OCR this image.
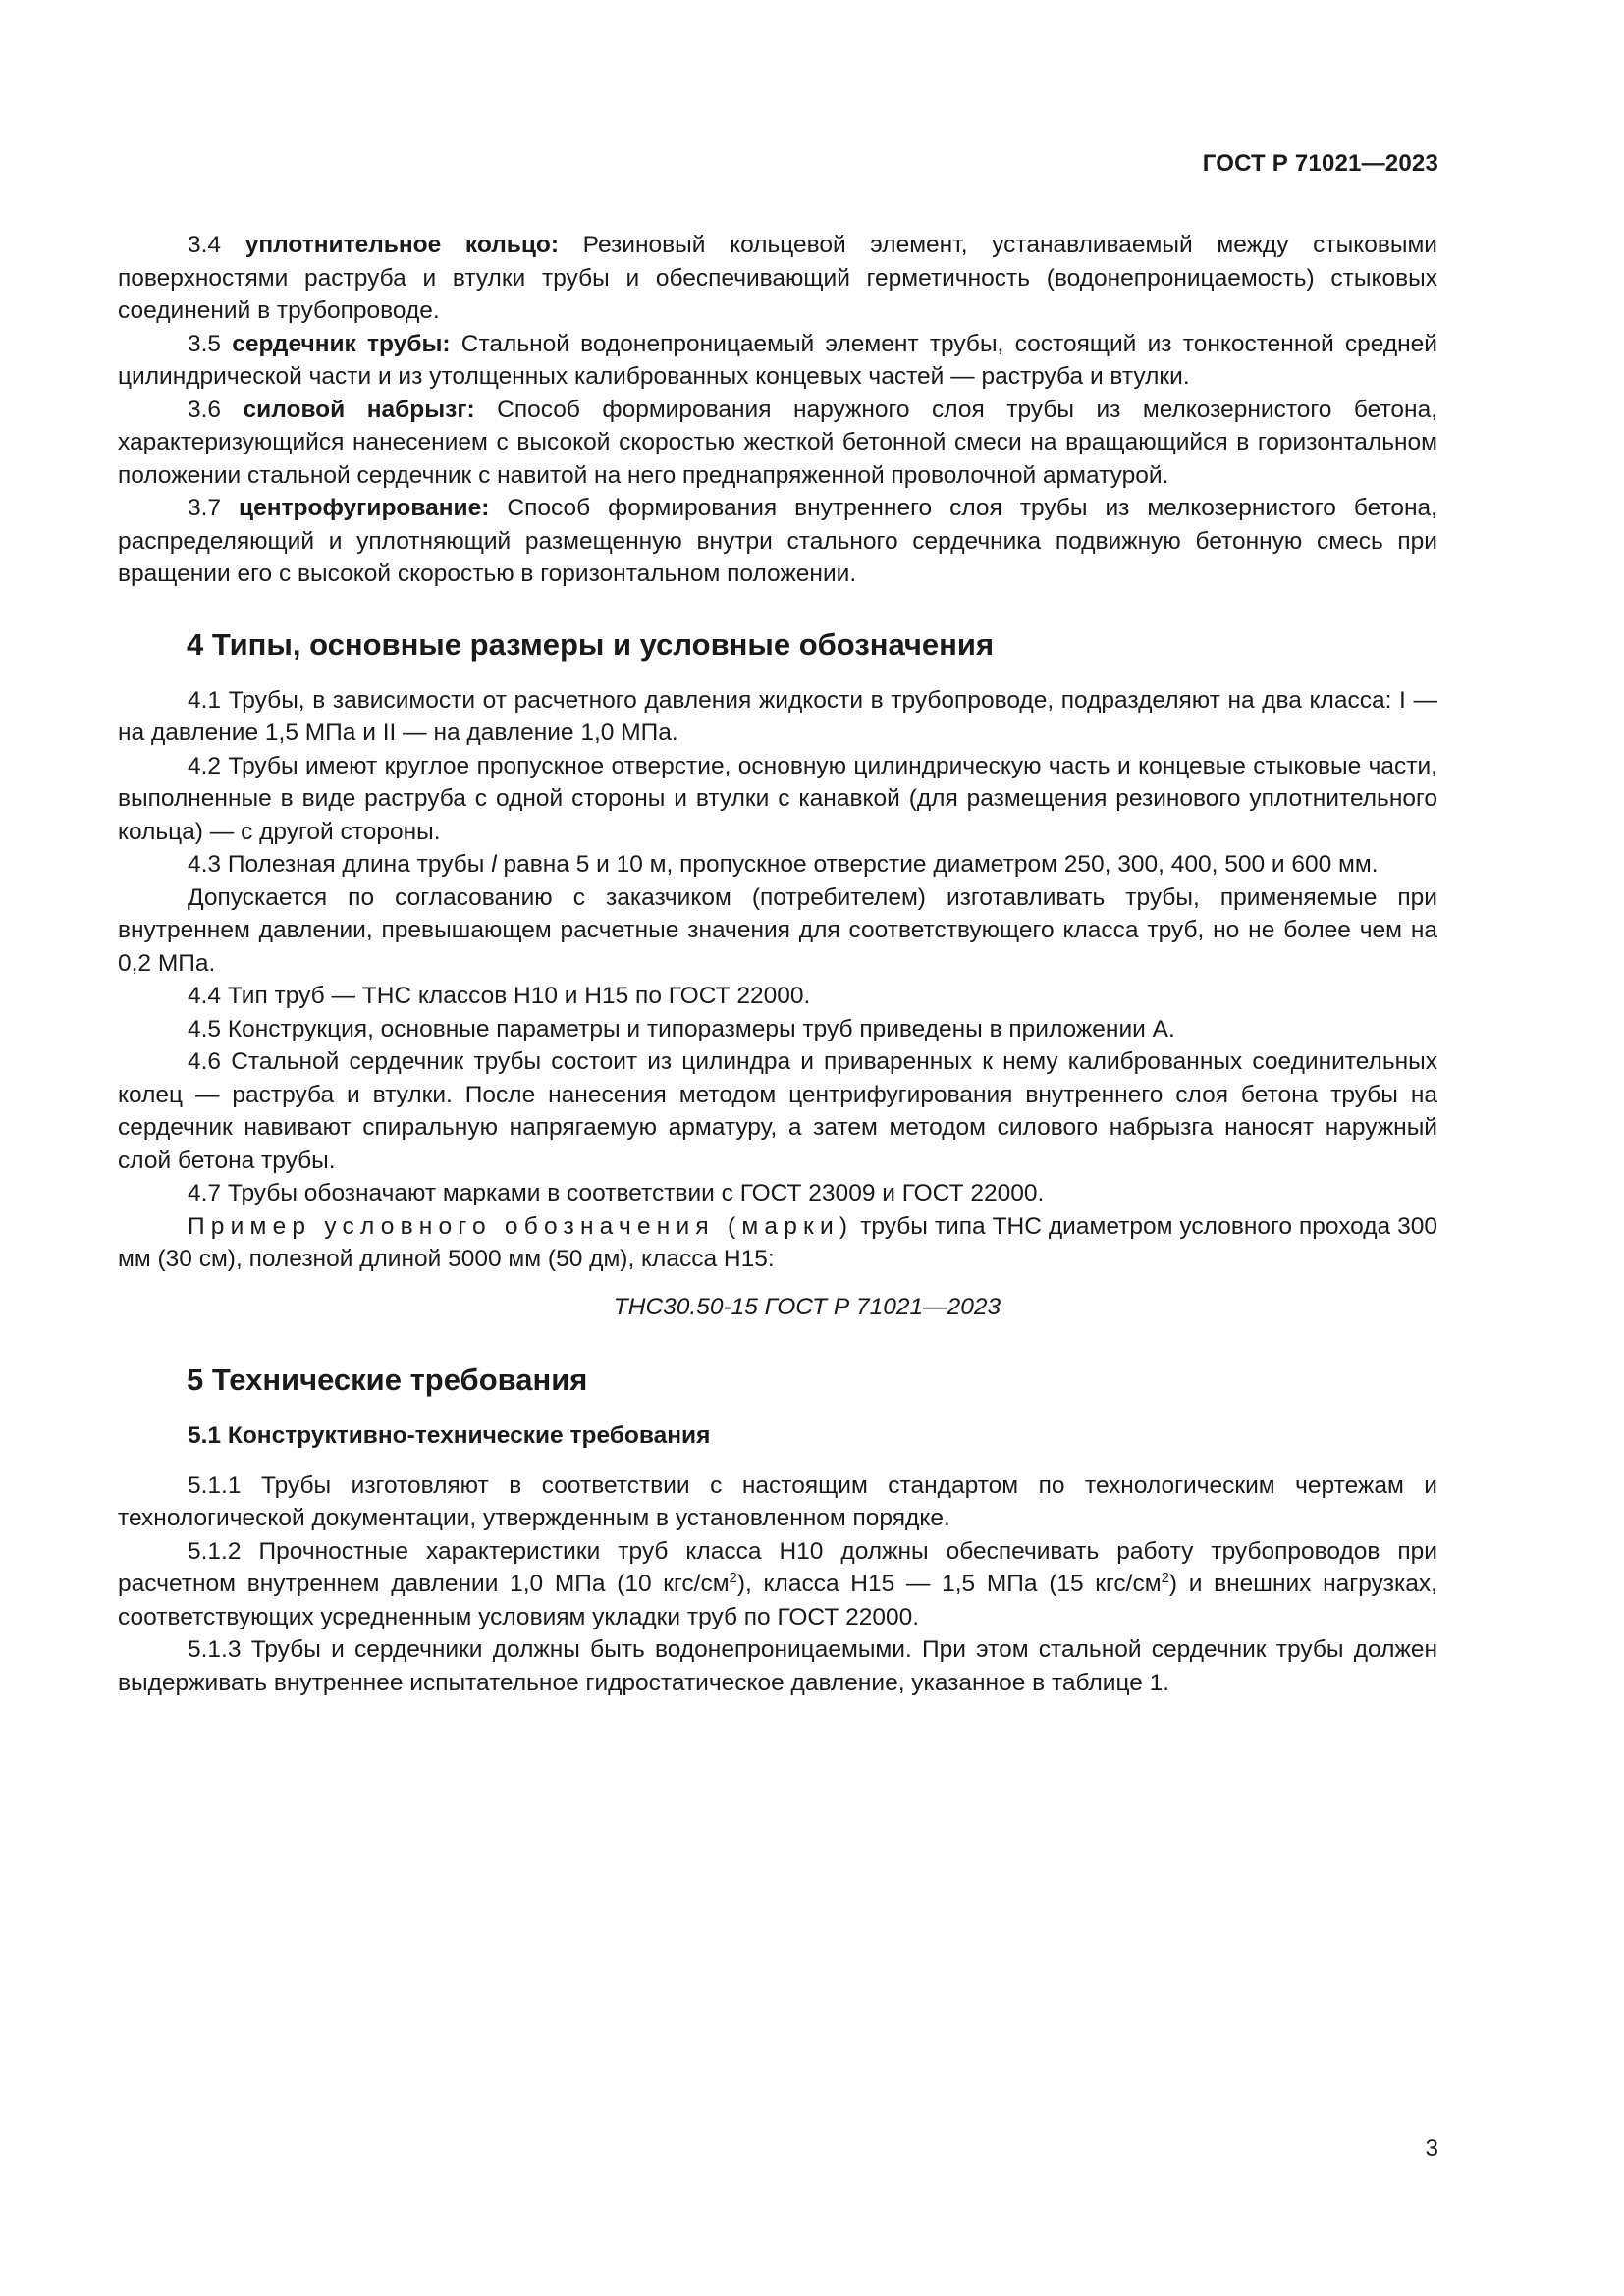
ГОСТ Р 71021—2023

3.4 уплотнительное кольцо: Резиновый кольцевой элемент, устанавливаемый между стыковыми поверхностями раструба и втулки трубы и обеспечивающий герметичность (водонепроницаемость) стыковых соединений в трубопроводе.

3.5 сердечник трубы: Стальной водонепроницаемый элемент трубы, состоящий из тонкостенной средней цилиндрической части и из утолщенных калиброванных концевых частей — раструба и втулки.

3.6 силовой набрызг: Способ формирования наружного слоя трубы из мелкозернистого бетона, характеризующийся нанесением с высокой скоростью жесткой бетонной смеси на вращающийся в горизонтальном положении стальной сердечник с навитой на него преднапряженной проволочной арматурой.

3.7 центрофугирование: Способ формирования внутреннего слоя трубы из мелкозернистого бетона, распределяющий и уплотняющий размещенную внутри стального сердечника подвижную бетонную смесь при вращении его с высокой скоростью в горизонтальном положении.

4 Типы, основные размеры и условные обозначения

4.1 Трубы, в зависимости от расчетного давления жидкости в трубопроводе, подразделяют на два класса: I — на давление 1,5 МПа и II — на давление 1,0 МПа.

4.2 Трубы имеют круглое пропускное отверстие, основную цилиндрическую часть и концевые стыковые части, выполненные в виде раструба с одной стороны и втулки с канавкой (для размещения резинового уплотнительного кольца) — с другой стороны.

4.3 Полезная длина трубы l равна 5 и 10 м, пропускное отверстие диаметром 250, 300, 400, 500 и 600 мм.

Допускается по согласованию с заказчиком (потребителем) изготавливать трубы, применяемые при внутреннем давлении, превышающем расчетные значения для соответствующего класса труб, но не более чем на 0,2 МПа.

4.4 Тип труб — ТНС классов Н10 и Н15 по ГОСТ 22000.

4.5 Конструкция, основные параметры и типоразмеры труб приведены в приложении А.

4.6 Стальной сердечник трубы состоит из цилиндра и приваренных к нему калиброванных соединительных колец — раструба и втулки. После нанесения методом центрифугирования внутреннего слоя бетона трубы на сердечник навивают спиральную напрягаемую арматуру, а затем методом силового набрызга наносят наружный слой бетона трубы.

4.7 Трубы обозначают марками в соответствии с ГОСТ 23009 и ГОСТ 22000.

Пример условного обозначения (марки) трубы типа ТНС диаметром условного прохода 300 мм (30 см), полезной длиной 5000 мм (50 дм), класса Н15:

ТНС30.50-15 ГОСТ Р 71021—2023

5 Технические требования
5.1 Конструктивно-технические требования

5.1.1 Трубы изготовляют в соответствии с настоящим стандартом по технологическим чертежам и технологической документации, утвержденным в установленном порядке.

5.1.2 Прочностные характеристики труб класса Н10 должны обеспечивать работу трубопроводов при расчетном внутреннем давлении 1,0 МПа (10 кгс/$см^2$), класса Н15 — 1,5 МПа (15 кгс/$см^2$) и внешних нагрузках, соответствующих усредненным условиям укладки труб по ГОСТ 22000.

5.1.3 Трубы и сердечники должны быть водонепроницаемыми. При этом стальной сердечник трубы должен выдерживать внутреннее испытательное гидростатическое давление, указанное в таблице 1.

3
